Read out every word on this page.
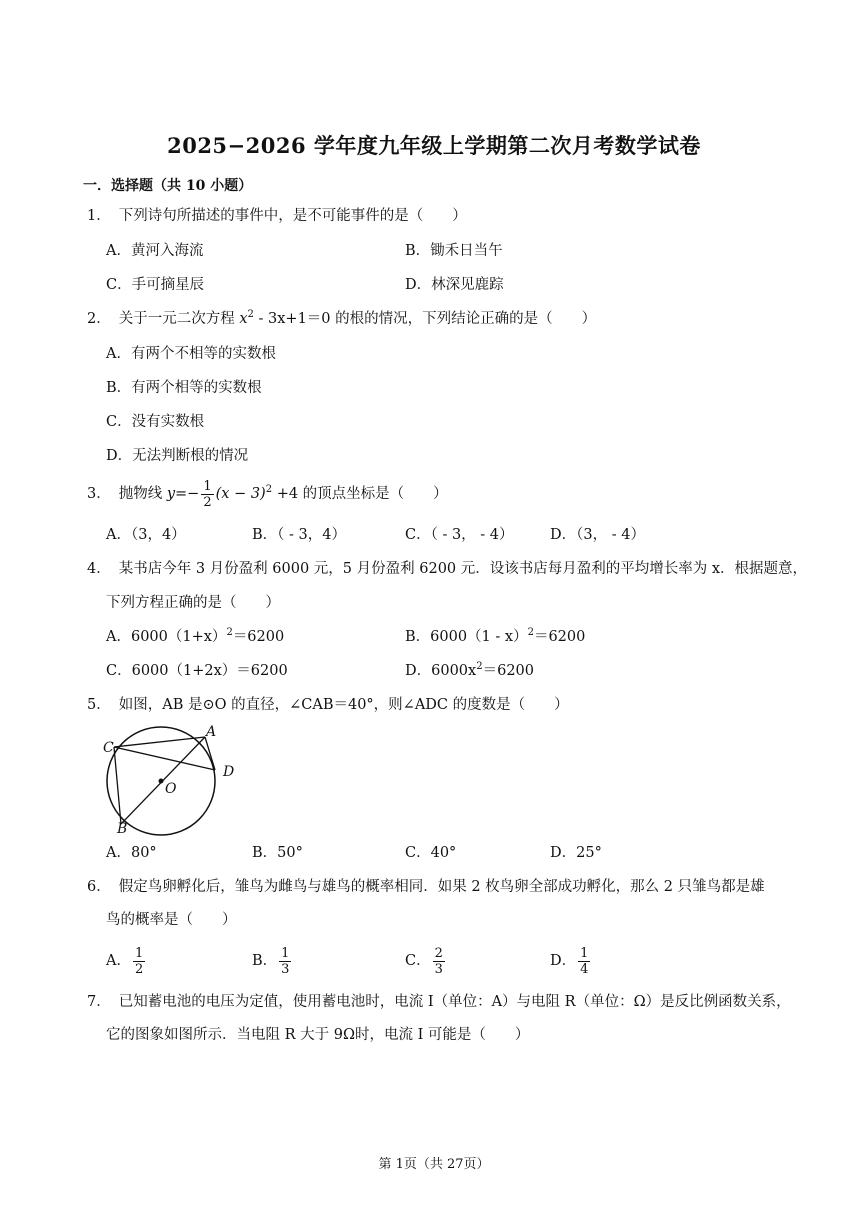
2025−2026 学年度九年级上学期第二次月考数学试卷
一．选择题（共 10 小题）
1． 下列诗句所描述的事件中，是不可能事件的是（　　）
A．黄河入海流	B．锄禾日当午
C．手可摘星辰	D．林深见鹿踪
2． 关于一元二次方程 $x^2 - 3x+1=0$ 的根的情况，下列结论正确的是（　　）
A．有两个不相等的实数根
B．有两个相等的实数根
C．没有实数根
D．无法判断根的情况
3． 抛物线 $y=- \frac{1}{2} (x - 3)^2 +4$ 的顶点坐标是（　　）
A．（3，4）	B．（ - 3，4）	C．（ - 3， - 4）	D．（3， - 4）
4． 某书店今年 3 月份盈利 6000 元，5 月份盈利 6200 元．设该书店每月盈利的平均增长率为 x．根据题意，
下列方程正确的是（　　）
A．$6000(1+x)^2=6200$	B．6000（1 - x）$^2$＝6200
C．6000（1+2x）＝6200	D．$6000x^2=6200$
5． 如图，AB 是⊙O 的直径，∠CAB＝40°，则∠ADC 的度数是（　　）
A
C
D
O
B
A．80°	B．50°	C．40°	D．25°
6． 假定鸟卵孵化后，雏鸟为雌鸟与雄鸟的概率相同．如果 2 枚鸟卵全部成功孵化，那么 2 只雏鸟都是雄
鸟的概率是（　　）
A． $\frac{1}{2}$	B． $\frac{1}{3}$	C． $\frac{2}{3}$	D． $\frac{1}{4}$
7． 已知蓄电池的电压为定值，使用蓄电池时，电流 I（单位：A）与电阻 R（单位：Ω）是反比例函数关系，
它的图象如图所示．当电阻 R 大于 9Ω时，电流 I 可能是（　　）
第 1页（共 27页）
